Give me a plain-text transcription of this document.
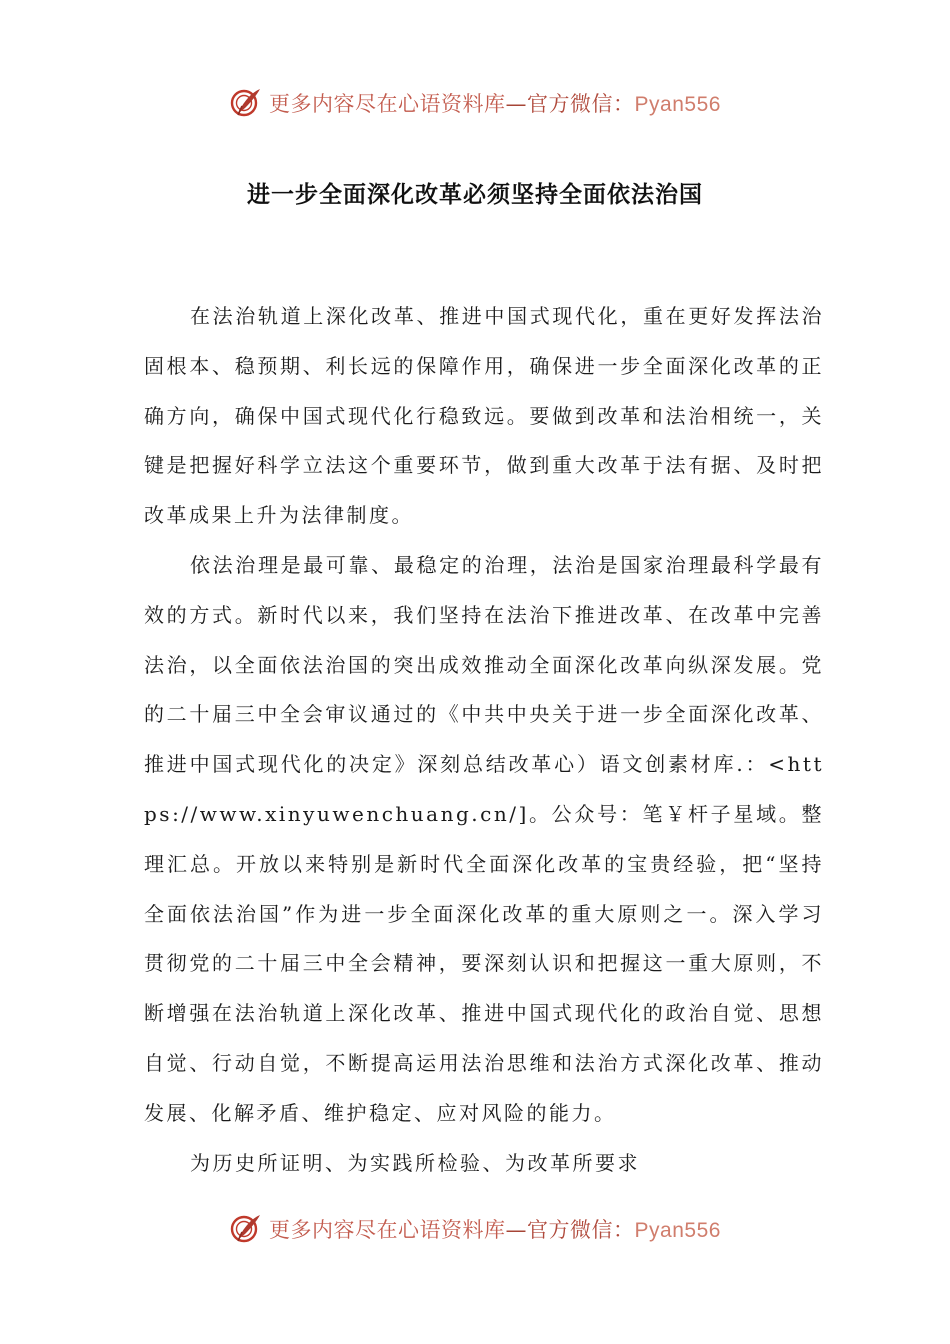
更多内容尽在心语资料库—官方微信：Pyan556
进一步全面深化改革必须坚持全面依法治国

在法治轨道上深化改革、推进中国式现代化，重在更好发挥法治固根本、稳预期、利长远的保障作用，确保进一步全面深化改革的正确方向，确保中国式现代化行稳致远。要做到改革和法治相统一，关键是把握好科学立法这个重要环节，做到重大改革于法有据、及时把改革成果上升为法律制度。

依法治理是最可靠、最稳定的治理，法治是国家治理最科学最有效的方式。新时代以来，我们坚持在法治下推进改革、在改革中完善法治，以全面依法治国的突出成效推动全面深化改革向纵深发展。党的二十届三中全会审议通过的《中共中央关于进一步全面深化改革、推进中国式现代化的决定》深刻总结改革心）语文创素材库.：<https://www.xinyuwenchuang.cn/]。公众号：笔￥杆子星域。整理汇总。开放以来特别是新时代全面深化改革的宝贵经验，把“坚持全面依法治国”作为进一步全面深化改革的重大原则之一。深入学习贯彻党的二十届三中全会精神，要深刻认识和把握这一重大原则，不断增强在法治轨道上深化改革、推进中国式现代化的政治自觉、思想自觉、行动自觉，不断提高运用法治思维和法治方式深化改革、推动发展、化解矛盾、维护稳定、应对风险的能力。

为历史所证明、为实践所检验、为改革所要求

更多内容尽在心语资料库—官方微信：Pyan556
